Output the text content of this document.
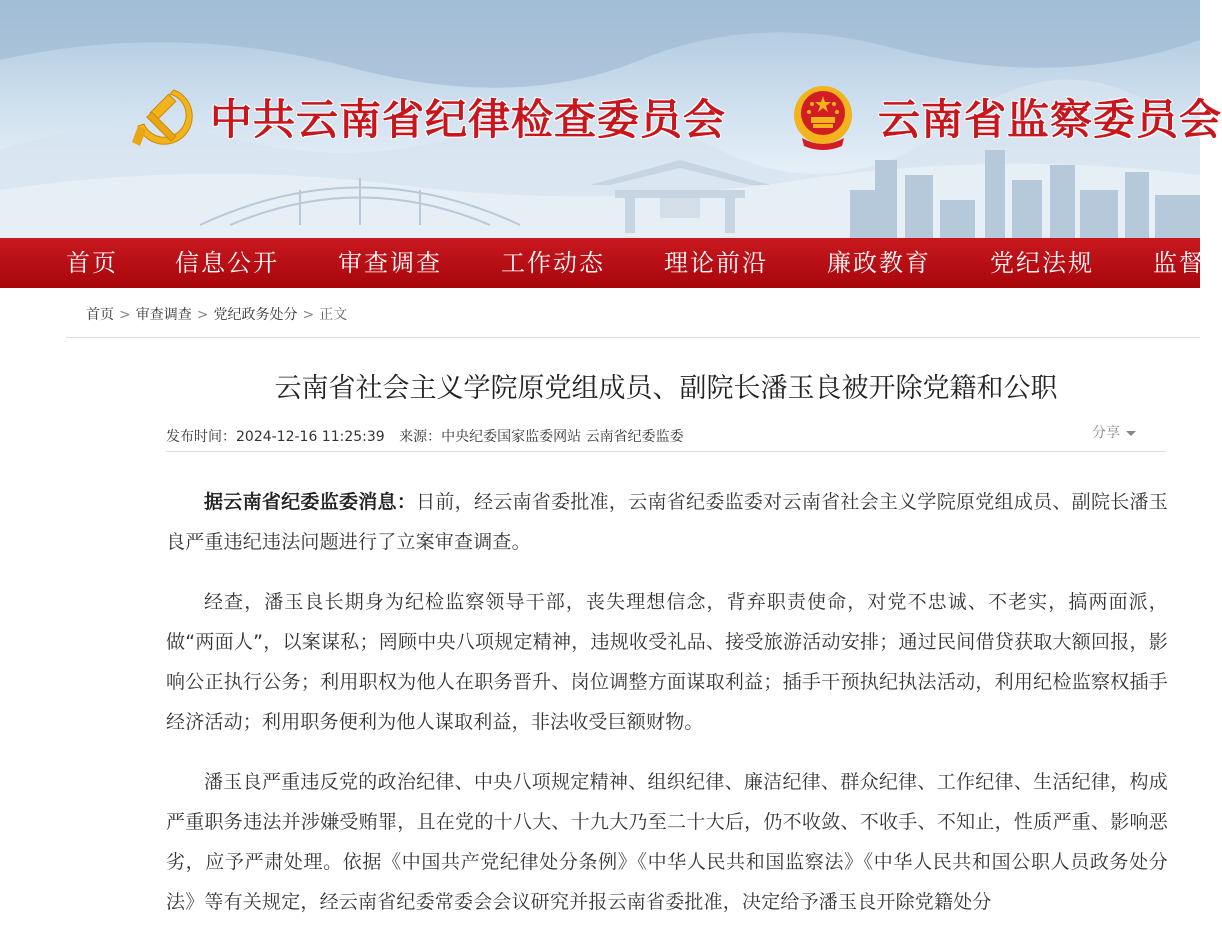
中共云南省纪律检查委员会	云南省监察委员会
首页 信息公开 审查调查 工作动态 理论前沿 廉政教育 党纪法规 监督
首页 > 审查调查 > 党纪政务处分 > 正文
云南省社会主义学院原党组成员、副院长潘玉良被开除党籍和公职
发布时间：2024-12-16 11:25:39 来源：中央纪委国家监委网站 云南省纪委监委	分享

据云南省纪委监委消息：日前，经云南省委批准，云南省纪委监委对云南省社会主义学院原党组成员、副院长潘玉良严重违纪违法问题进行了立案审查调查。

经查，潘玉良长期身为纪检监察领导干部，丧失理想信念，背弃职责使命，对党不忠诚、不老实，搞两面派，做“两面人”，以案谋私；罔顾中央八项规定精神，违规收受礼品、接受旅游活动安排；通过民间借贷获取大额回报，影响公正执行公务；利用职权为他人在职务晋升、岗位调整方面谋取利益；插手干预执纪执法活动，利用纪检监察权插手经济活动；利用职务便利为他人谋取利益，非法收受巨额财物。

潘玉良严重违反党的政治纪律、中央八项规定精神、组织纪律、廉洁纪律、群众纪律、工作纪律、生活纪律，构成严重职务违法并涉嫌受贿罪，且在党的十八大、十九大乃至二十大后，仍不收敛、不收手、不知止，性质严重、影响恶劣，应予严肃处理。依据《中国共产党纪律处分条例》《中华人民共和国监察法》《中华人民共和国公职人员政务处分法》等有关规定，经云南省纪委常委会会议研究并报云南省委批准，决定给予潘玉良开除党籍处分
